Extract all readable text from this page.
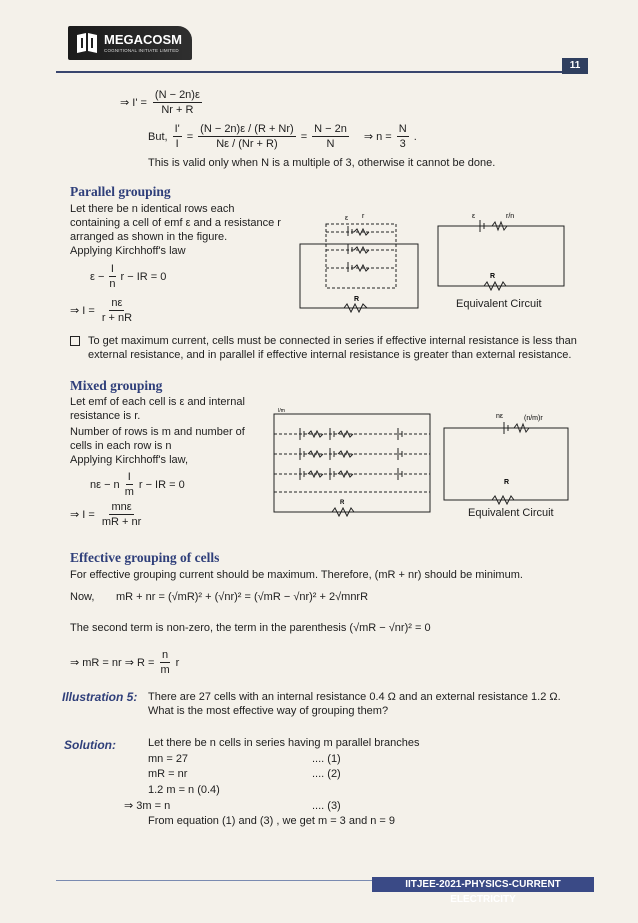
MEGACOSM
COGNITIONAL INITIATE LIMITED
11
⇒ $I' = \frac{(N - 2n)\varepsilon}{Nr + R}$
But, $\frac{I'}{I} = \frac{(N - 2n)\varepsilon / (R + Nr)}{N\varepsilon / (Nr + R)} = \frac{N - 2n}{N}$ ⇒ $n = \frac{N}{3}$ .
This is valid only when N is a multiple of 3, otherwise it cannot be done.
Parallel grouping
Let there be n identical rows each
containing a cell of emf ε and a resistance r
arranged as shown in the figure.
Applying Kirchhoff's law
$\varepsilon - \frac{I}{n}$ r − IR = 0
⇒ $I = \frac{n\varepsilon}{r + nR}$
ε r
R
ε	r/n
R
Equivalent Circuit
To get maximum current, cells must be connected in series if effective internal resistance is less than
external resistance, and in parallel if effective internal resistance is greater than external resistance.
Mixed grouping
Let emf of each cell is ε and internal
resistance is r.
Number of rows is m and number of
cells in each row is n
Applying Kirchhoff's law,
nε − n $\frac{I}{m}$ r − IR = 0
⇒ $I = \frac{\text{mnε}}{mR + nr}$
I/m
R
nε	(n/m)r
R
Equivalent Circuit
Effective grouping of cells
For effective grouping current should be maximum. Therefore, (mR + nr) should be minimum.
Now, mR + nr = (√mR)² + (√nr)² = (√mR − √nr)² + 2√mnrR
The second term is non-zero, the term in the parenthesis (√mR − √nr)² = 0
⇒ mR = nr ⇒ $R = \frac{n}{m}$ r
Illustration 5: There are 27 cells with an internal resistance 0.4 Ω and an external resistance 1.2 Ω.
What is the most effective way of grouping them?
Solution:	Let there be n cells in series having m parallel branches
mn = 27	.... (1)
mR = nr	.... (2)
1.2 m = n (0.4)
⇒ 3m = n	.... (3)
From equation (1) and (3) , we get m = 3 and n = 9
IITJEE-2021-PHYSICS-CURRENT ELECTRICITY
